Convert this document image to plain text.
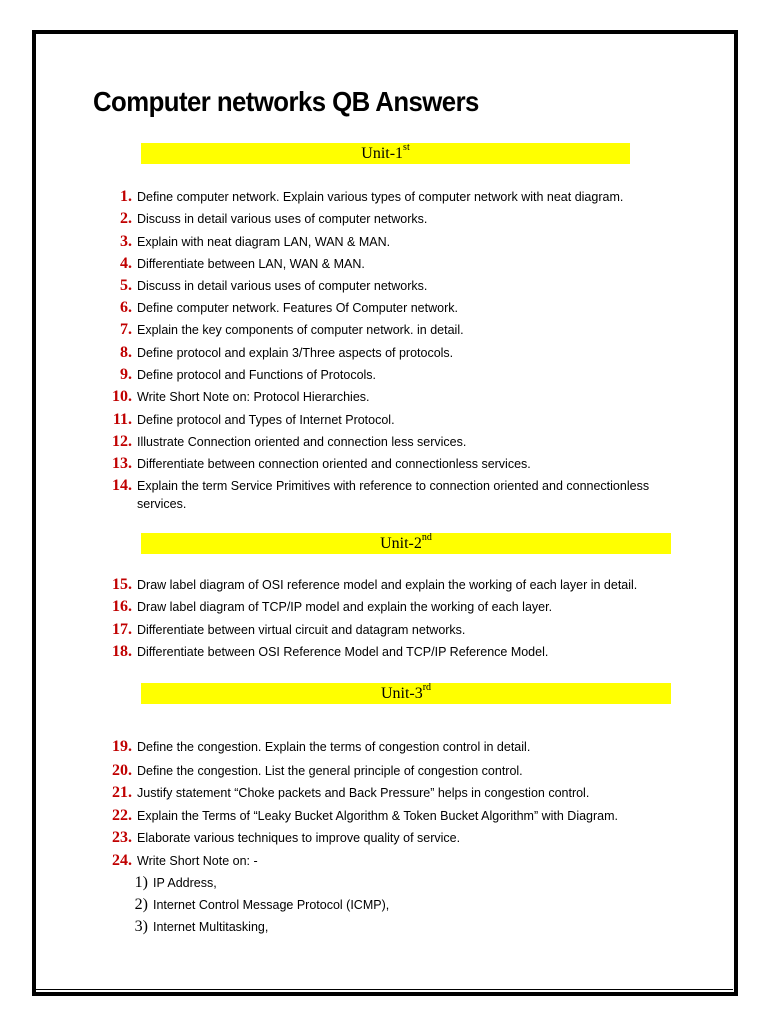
Computer networks QB Answers
Unit-1st
Unit-2nd
Unit-3rd
1. Define computer network. Explain various types of computer network with neat diagram.
2. Discuss in detail various uses of computer networks.
3. Explain with neat diagram LAN, WAN & MAN.
4. Differentiate between LAN, WAN & MAN.
5. Discuss in detail various uses of computer networks.
6. Define computer network. Features Of Computer network.
7. Explain the key components of computer network. in detail.
8. Define protocol and explain 3/Three aspects of protocols.
9. Define protocol and Functions of Protocols.
10. Write Short Note on: Protocol Hierarchies.
11. Define protocol and Types of Internet Protocol.
12. Illustrate Connection oriented and connection less services.
13. Differentiate between connection oriented and connectionless services.
14. Explain the term Service Primitives with reference to connection oriented and connectionless services.
15. Draw label diagram of OSI reference model and explain the working of each layer in detail.
16. Draw label diagram of TCP/IP model and explain the working of each layer.
17. Differentiate between virtual circuit and datagram networks.
18. Differentiate between OSI Reference Model and TCP/IP Reference Model.
19. Define the congestion. Explain the terms of congestion control in detail.
20. Define the congestion. List the general principle of congestion control.
21. Justify statement “Choke packets and Back Pressure” helps in congestion control.
22. Explain the Terms of “Leaky Bucket Algorithm & Token Bucket Algorithm” with Diagram.
23. Elaborate various techniques to improve quality of service.
24. Write Short Note on: -
1) IP Address,
2) Internet Control Message Protocol (ICMP),
3) Internet Multitasking,
